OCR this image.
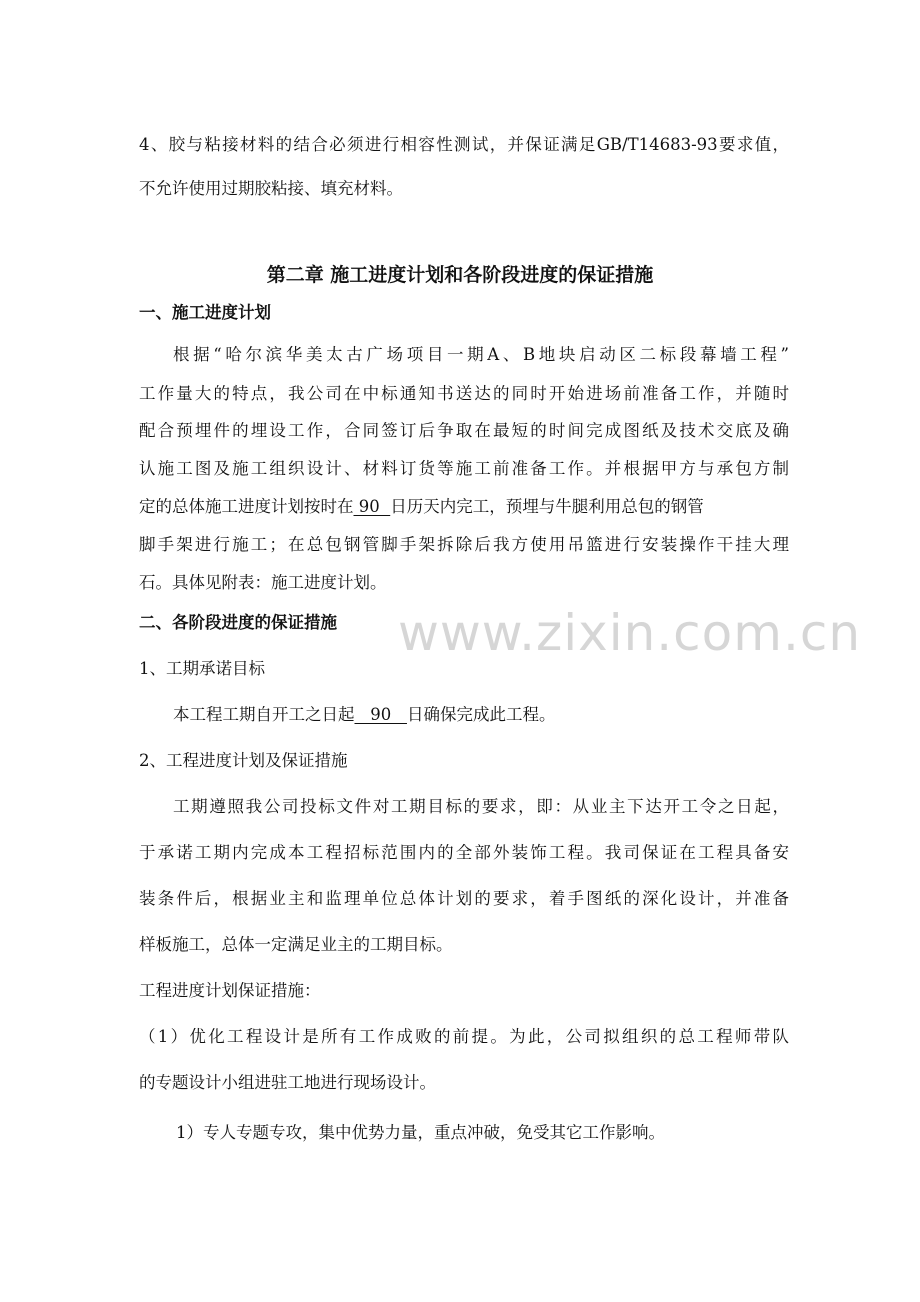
www.zixin.com.cn
4、胶与粘接材料的结合必须进行相容性测试，并保证满足GB/T14683-93要求值，
不允许使用过期胶粘接、填充材料。
第二章 施工进度计划和各阶段进度的保证措施
一、施工进度计划
根据“哈尔滨华美太古广场项目一期A、B地块启动区二标段幕墙工程”
工作量大的特点，我公司在中标通知书送达的同时开始进场前准备工作，并随时
配合预埋件的埋设工作，合同签订后争取在最短的时间完成图纸及技术交底及确
认施工图及施工组织设计、材料订货等施工前准备工作。并根据甲方与承包方制
定的总体施工进度计划按时在 90  日历天内完工，预埋与牛腿利用总包的钢管
脚手架进行施工；在总包钢管脚手架拆除后我方使用吊篮进行安装操作干挂大理
石。具体见附表：施工进度计划。
二、各阶段进度的保证措施
1、工期承诺目标
本工程工期自开工之日起   90   日确保完成此工程。
2、工程进度计划及保证措施
工期遵照我公司投标文件对工期目标的要求，即：从业主下达开工令之日起，
于承诺工期内完成本工程招标范围内的全部外装饰工程。我司保证在工程具备安
装条件后，根据业主和监理单位总体计划的要求，着手图纸的深化设计，并准备
样板施工，总体一定满足业主的工期目标。
工程进度计划保证措施：
（1）优化工程设计是所有工作成败的前提。为此，公司拟组织的总工程师带队
的专题设计小组进驻工地进行现场设计。
1）专人专题专攻，集中优势力量，重点冲破，免受其它工作影响。
